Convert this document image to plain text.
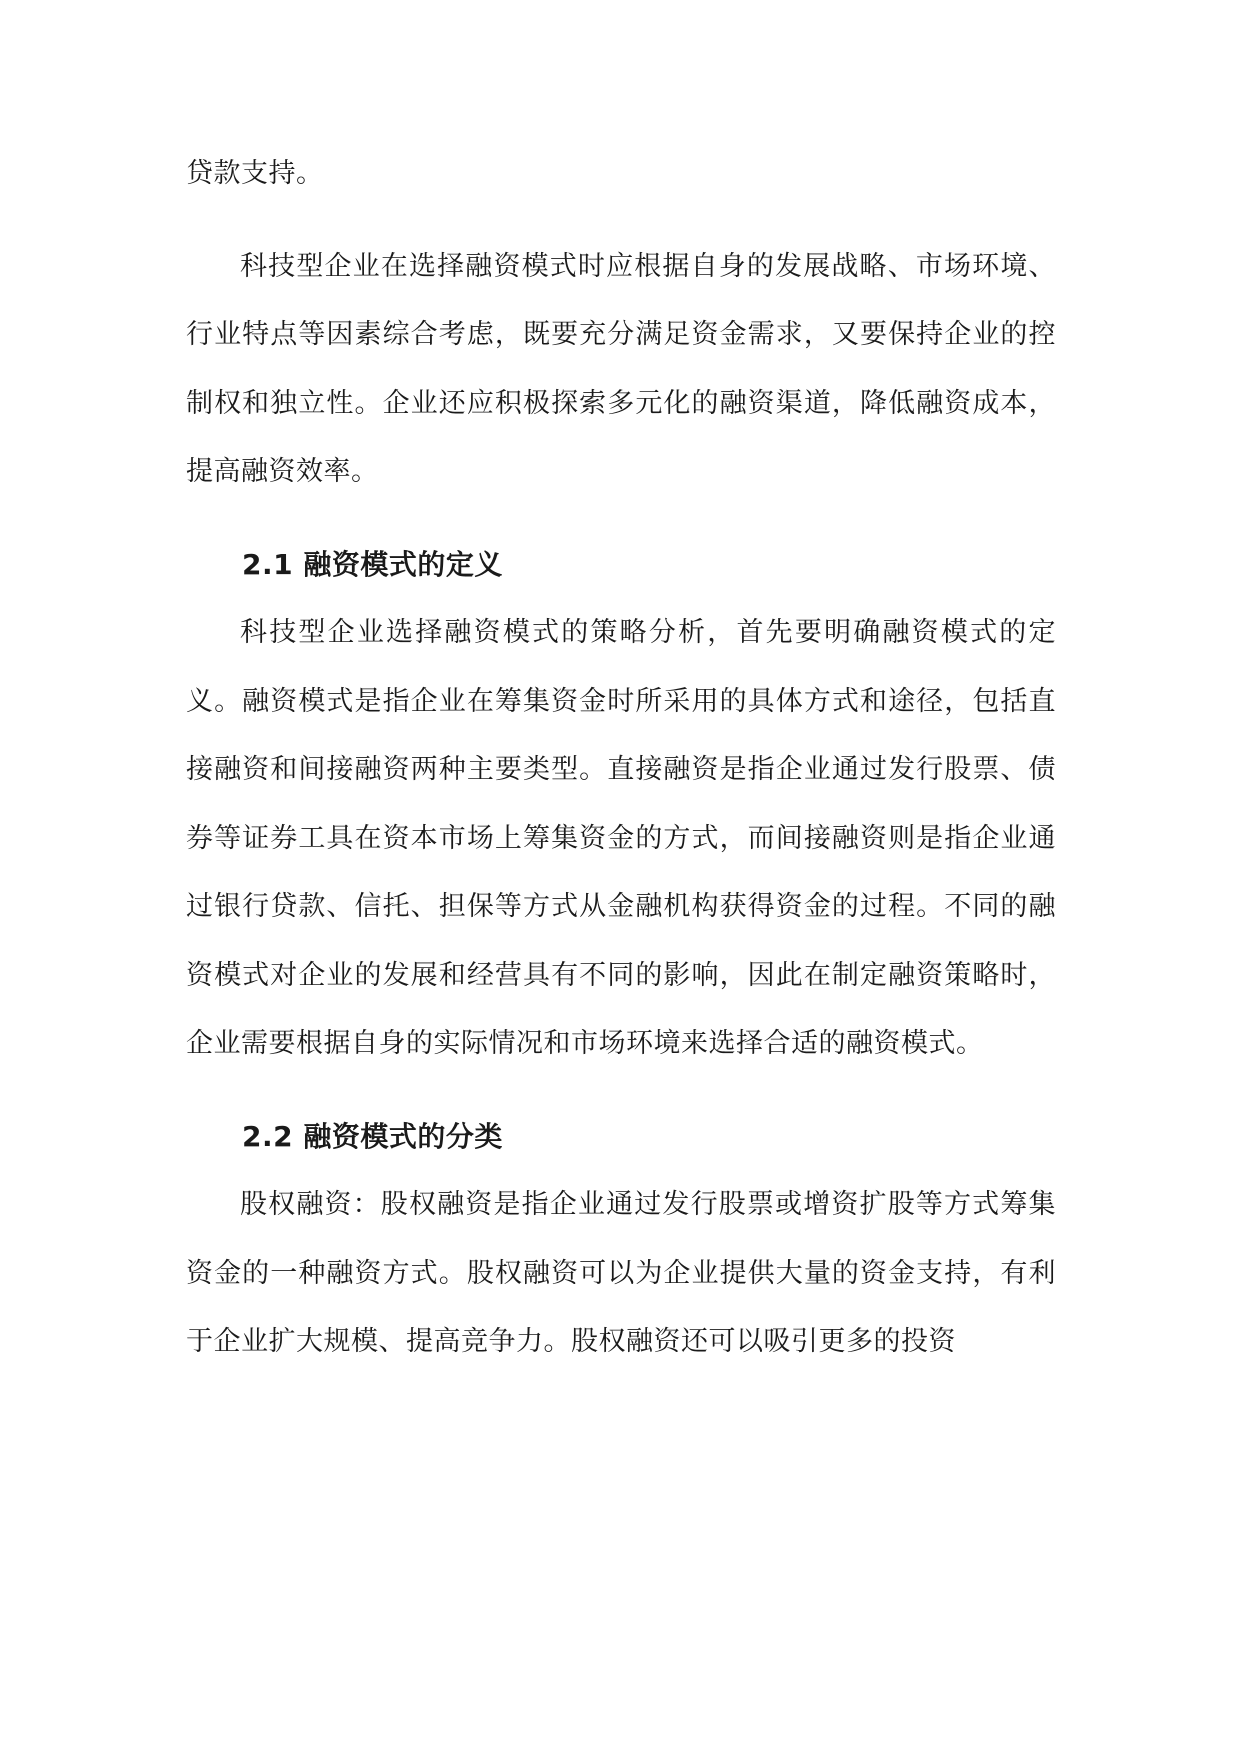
贷款支持。

科技型企业在选择融资模式时应根据自身的发展战略、市场环境、行业特点等因素综合考虑，既要充分满足资金需求，又要保持企业的控制权和独立性。企业还应积极探索多元化的融资渠道，降低融资成本，提高融资效率。

2.1 融资模式的定义

科技型企业选择融资模式的策略分析，首先要明确融资模式的定义。融资模式是指企业在筹集资金时所采用的具体方式和途径，包括直接融资和间接融资两种主要类型。直接融资是指企业通过发行股票、债券等证券工具在资本市场上筹集资金的方式，而间接融资则是指企业通过银行贷款、信托、担保等方式从金融机构获得资金的过程。不同的融资模式对企业的发展和经营具有不同的影响，因此在制定融资策略时，企业需要根据自身的实际情况和市场环境来选择合适的融资模式。

2.2 融资模式的分类

股权融资：股权融资是指企业通过发行股票或增资扩股等方式筹集资金的一种融资方式。股权融资可以为企业提供大量的资金支持，有利于企业扩大规模、提高竞争力。股权融资还可以吸引更多的投资
